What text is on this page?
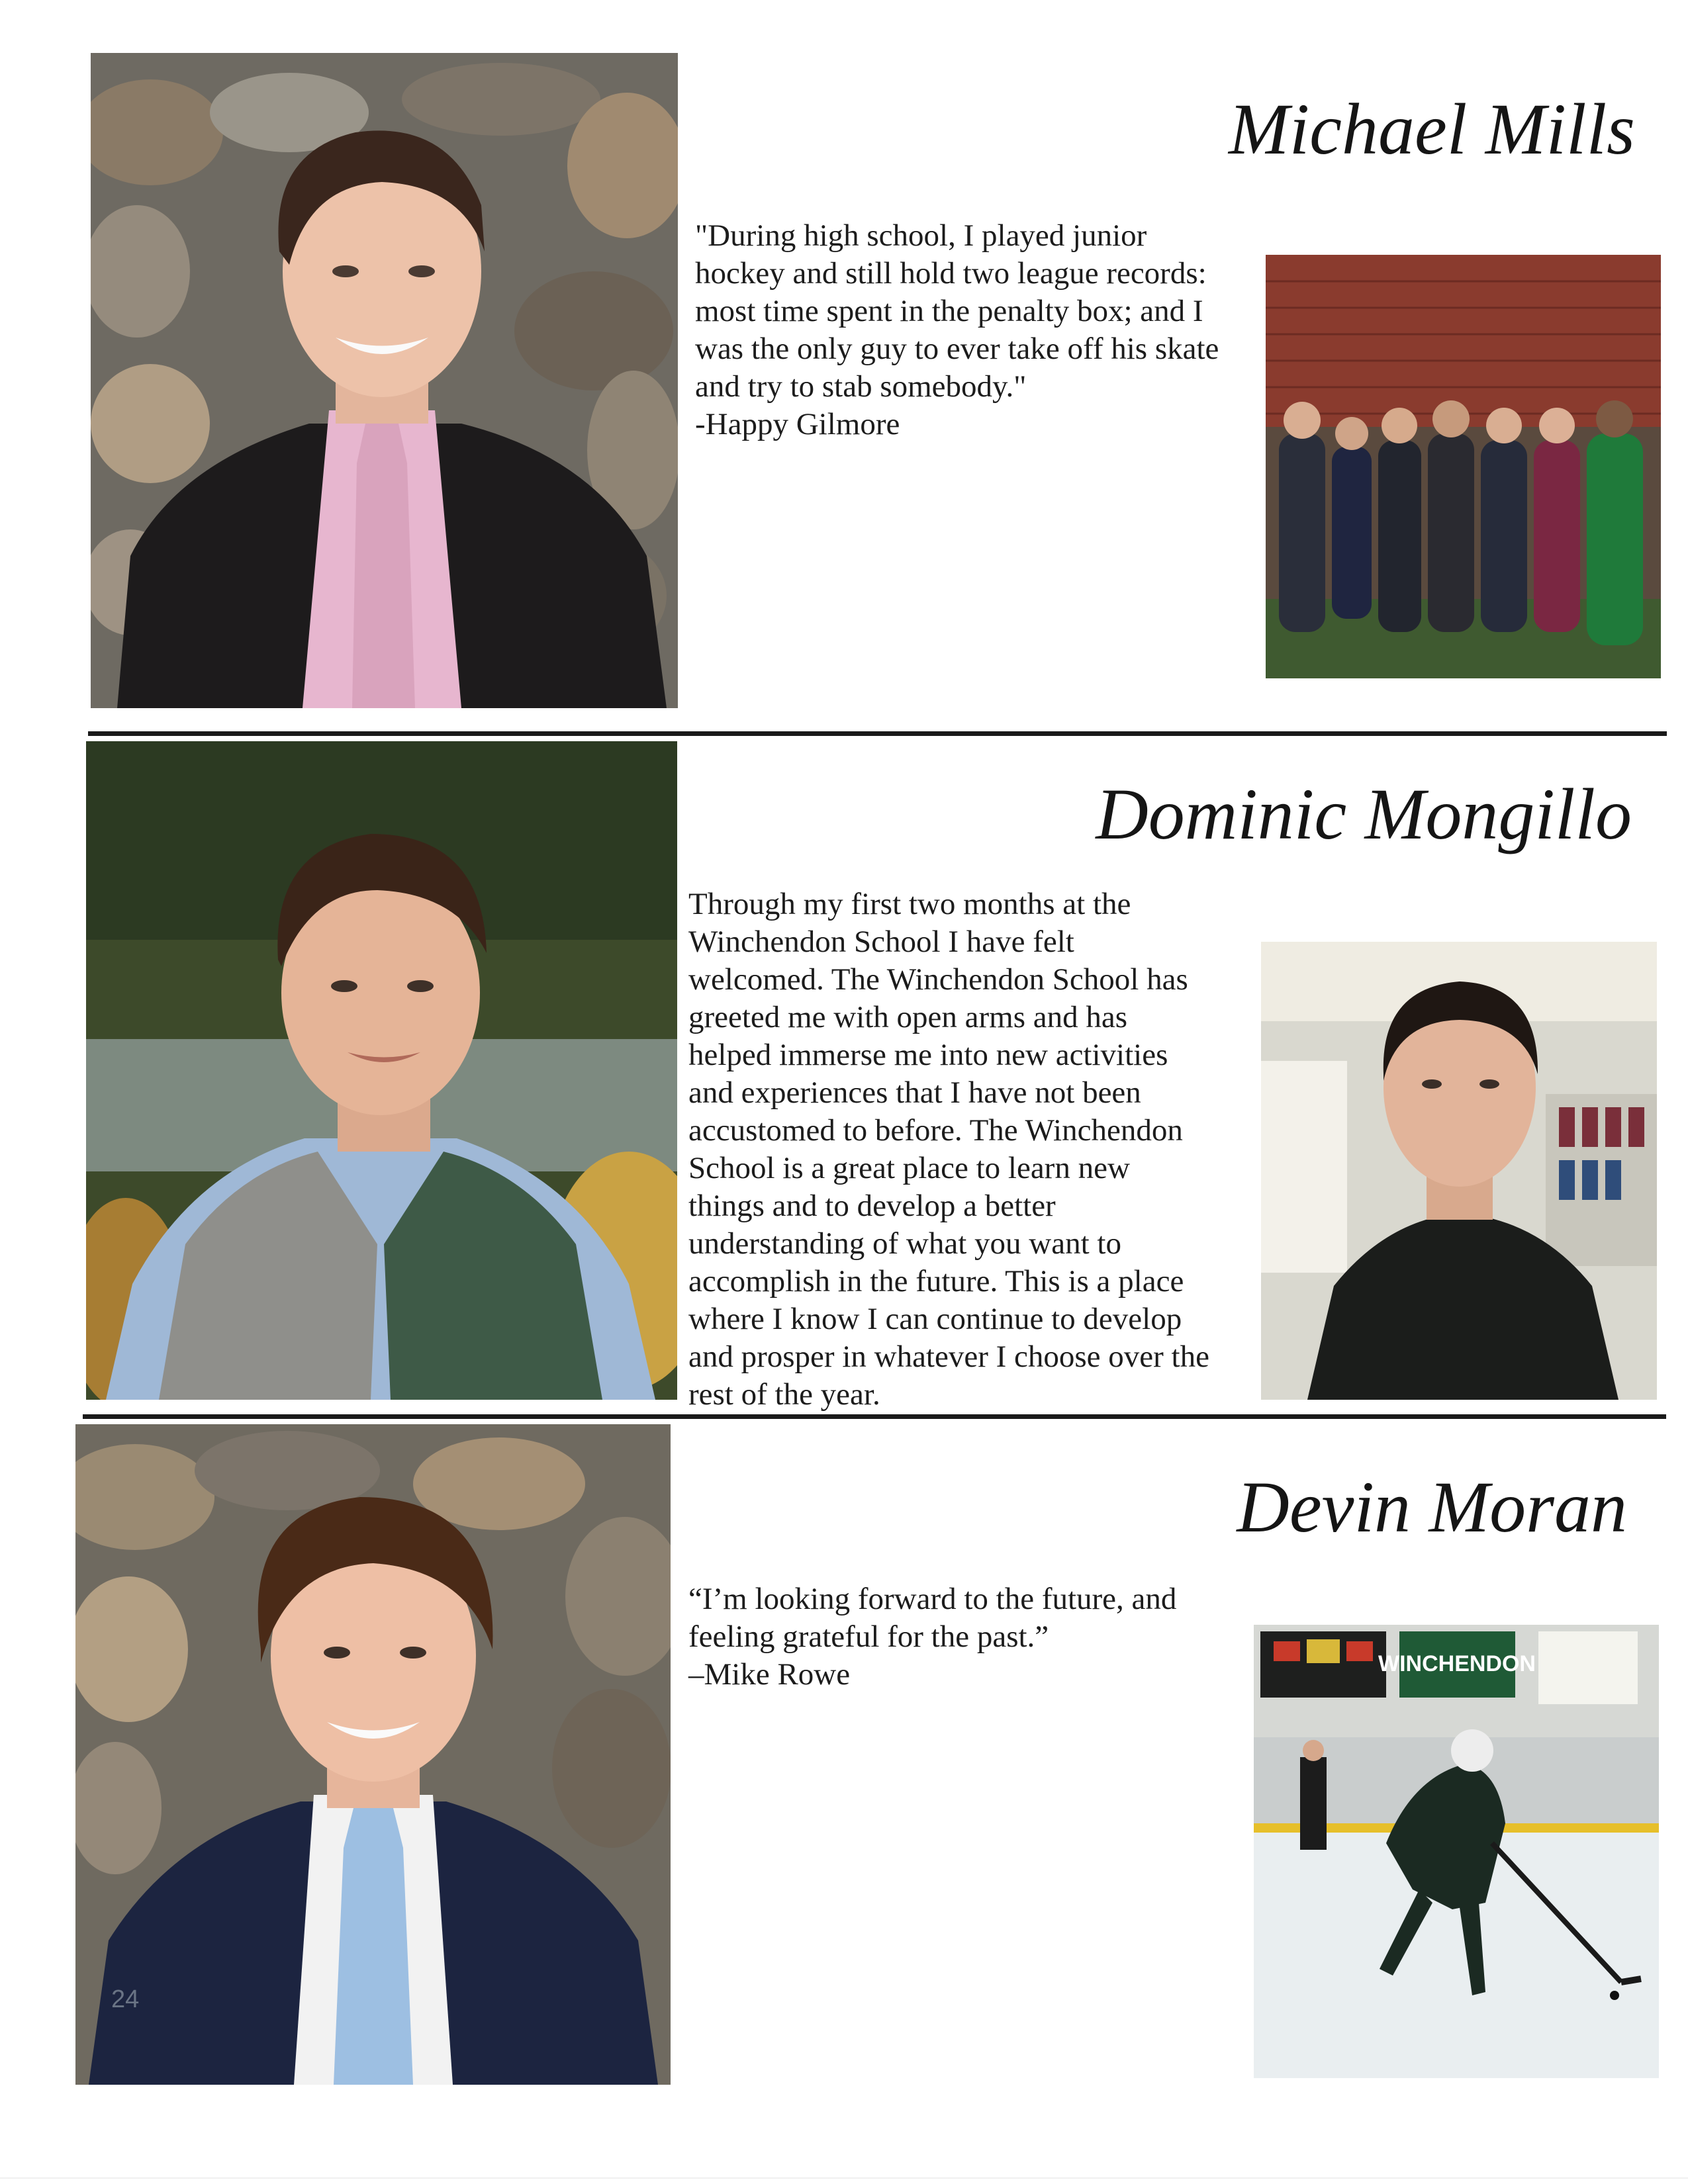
Michael Mills
"During high school, I played junior
hockey and still hold two league records:
most time spent in the penalty box; and I
was the only guy to ever take off his skate
and try to stab somebody."
-Happy Gilmore
Dominic Mongillo
Through my first two months at the
Winchendon School I have felt
welcomed. The Winchendon School has
greeted me with open arms and has
helped immerse me into new activities
and experiences that I have not been
accustomed to before. The Winchendon
School is a great place to learn new
things and to develop a better
understanding of what you want to
accomplish in the future. This is a place
where I know I can continue to develop
and prosper in whatever I choose over the
rest of the year.
24
Devin Moran
“I’m looking forward to the future, and
feeling grateful for the past.”
–Mike Rowe	WINCHENDON
